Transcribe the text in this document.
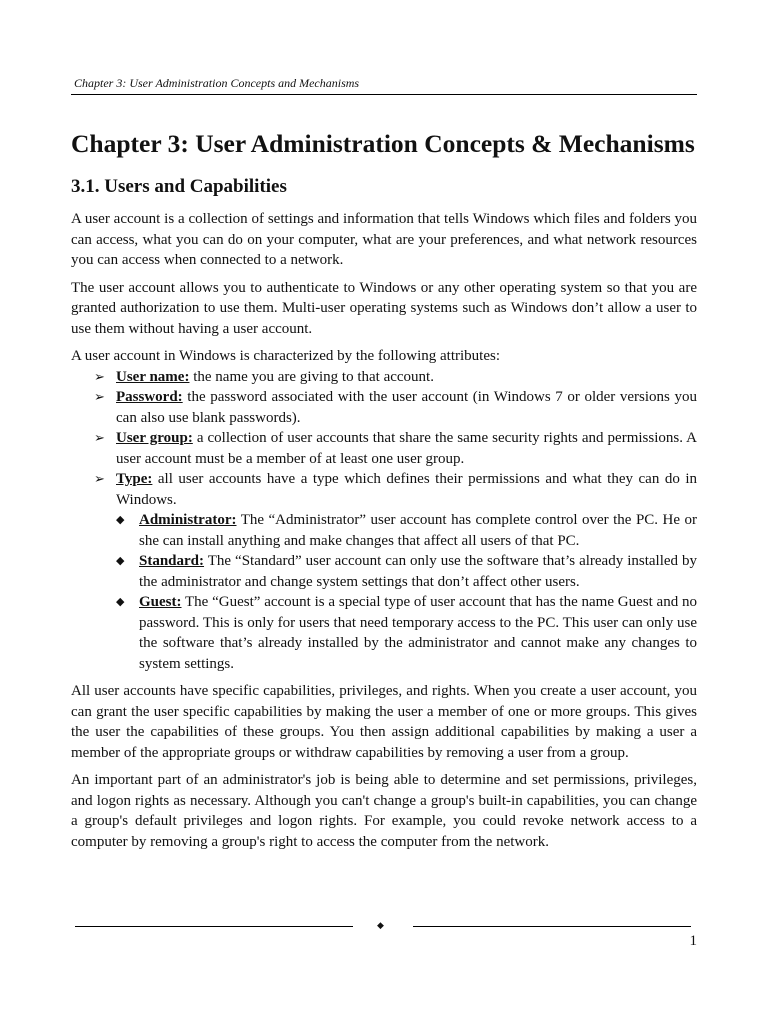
Chapter 3: User Administration Concepts and Mechanisms
Chapter 3: User Administration Concepts & Mechanisms
3.1. Users and Capabilities

A user account is a collection of settings and information that tells Windows which files and folders you can access, what you can do on your computer, what are your preferences, and what network resources you can access when connected to a network.

The user account allows you to authenticate to Windows or any other operating system so that you are granted authorization to use them. Multi-user operating systems such as Windows don’t allow a user to use them without having a user account.

A user account in Windows is characterized by the following attributes:

➢ User name: the name you are giving to that account.
➢ Password: the password associated with the user account (in Windows 7 or older versions you can also use blank passwords).
➢ User group: a collection of user accounts that share the same security rights and permissions. A user account must be a member of at least one user group.
➢ Type: all user accounts have a type which defines their permissions and what they can do in Windows.
◆ Administrator: The “Administrator” user account has complete control over the PC. He or she can install anything and make changes that affect all users of that PC.
◆ Standard: The “Standard” user account can only use the software that’s already installed by the administrator and change system settings that don’t affect other users.
◆ Guest: The “Guest” account is a special type of user account that has the name Guest and no password. This is only for users that need temporary access to the PC. This user can only use the software that’s already installed by the administrator and cannot make any changes to system settings.

All user accounts have specific capabilities, privileges, and rights. When you create a user account, you can grant the user specific capabilities by making the user a member of one or more groups. This gives the user the capabilities of these groups. You then assign additional capabilities by making a user a member of the appropriate groups or withdraw capabilities by removing a user from a group.

An important part of an administrator's job is being able to determine and set permissions, privileges, and logon rights as necessary. Although you can't change a group's built-in capabilities, you can change a group's default privileges and logon rights. For example, you could revoke network access to a computer by removing a group's right to access the computer from the network.

◆
1
